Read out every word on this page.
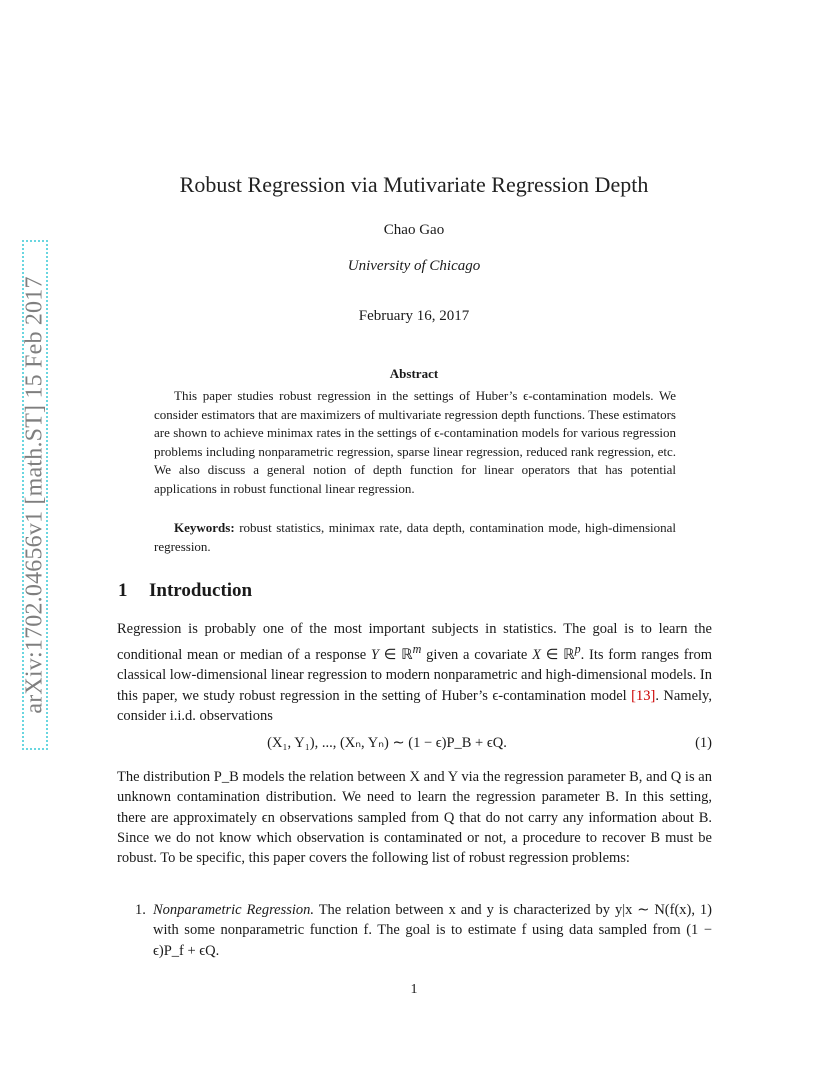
arXiv:1702.04656v1 [math.ST] 15 Feb 2017
Robust Regression via Mutivariate Regression Depth
Chao Gao
University of Chicago
February 16, 2017
Abstract
This paper studies robust regression in the settings of Huber’s ϵ-contamination models. We consider estimators that are maximizers of multivariate regression depth functions. These estimators are shown to achieve minimax rates in the settings of ϵ-contamination models for various regression problems including nonparametric regression, sparse linear regression, reduced rank regression, etc. We also discuss a general notion of depth function for linear operators that has potential applications in robust functional linear regression.
Keywords: robust statistics, minimax rate, data depth, contamination mode, high-dimensional regression.
1 Introduction
Regression is probably one of the most important subjects in statistics. The goal is to learn the conditional mean or median of a response Y ∈ ℝ$^m$ given a covariate X ∈ ℝ$^p$. Its form ranges from classical low-dimensional linear regression to modern nonparametric and high-dimensional models. In this paper, we study robust regression in the setting of Huber’s ϵ-contamination model [13]. Namely, consider i.i.d. observations
(X₁, Y₁), ..., (Xₙ, Yₙ) ∼ (1 − ϵ)P_B + ϵQ.	(1)
The distribution P_B models the relation between X and Y via the regression parameter B, and Q is an unknown contamination distribution. We need to learn the regression parameter B. In this setting, there are approximately ϵn observations sampled from Q that do not carry any information about B. Since we do not know which observation is contaminated or not, a procedure to recover B must be robust. To be specific, this paper covers the following list of robust regression problems:
1. Nonparametric Regression. The relation between x and y is characterized by y|x ∼ N(f(x), 1) with some nonparametric function f. The goal is to estimate f using data sampled from (1 − ϵ)P_f + ϵQ.
1
